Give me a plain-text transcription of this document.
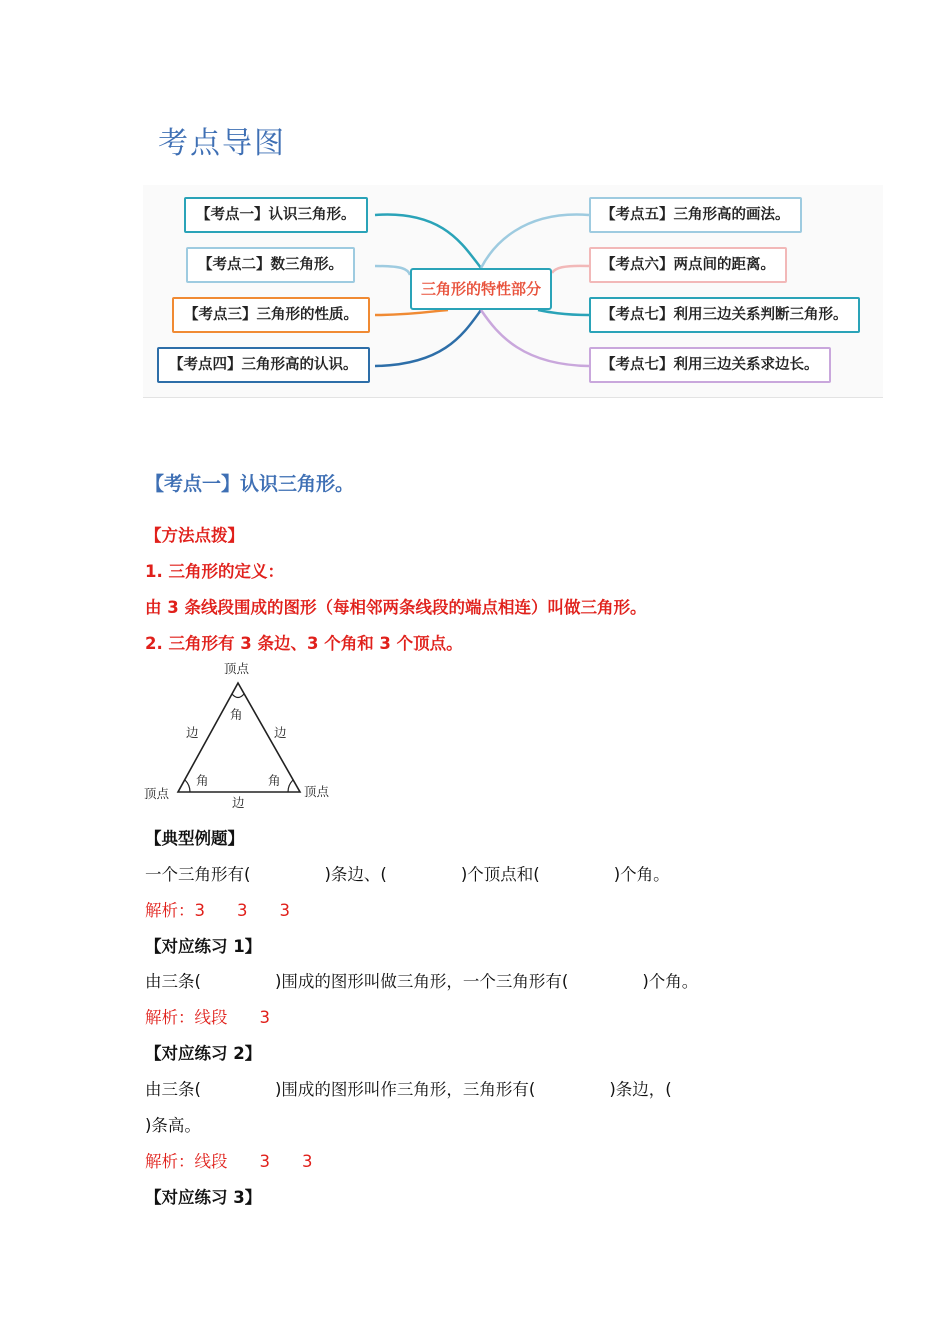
考点导图
【考点一】认识三角形。
【考点二】数三角形。
【考点三】三角形的性质。
【考点四】三角形高的认识。
三角形的特性部分
【考点五】三角形高的画法。
【考点六】两点间的距离。
【考点七】利用三边关系判断三角形。
【考点七】利用三边关系求边长。
【考点一】认识三角形。
【方法点拨】
1. 三角形的定义：
由 3 条线段围成的图形（每相邻两条线段的端点相连）叫做三角形。
2. 三角形有 3 条边、3 个角和 3 个顶点。
顶点
角
边	边
角	角
顶点	顶点
边
【典型例题】
一个三角形有(	)条边、(	)个顶点和(	)个角。
解析：3 3 3
【对应练习 1】
由三条(	)围成的图形叫做三角形，一个三角形有(	)个角。
解析：线段 3
【对应练习 2】
由三条(	)围成的图形叫作三角形，三角形有(	)条边，(
)条高。
解析：线段 3 3
【对应练习 3】
